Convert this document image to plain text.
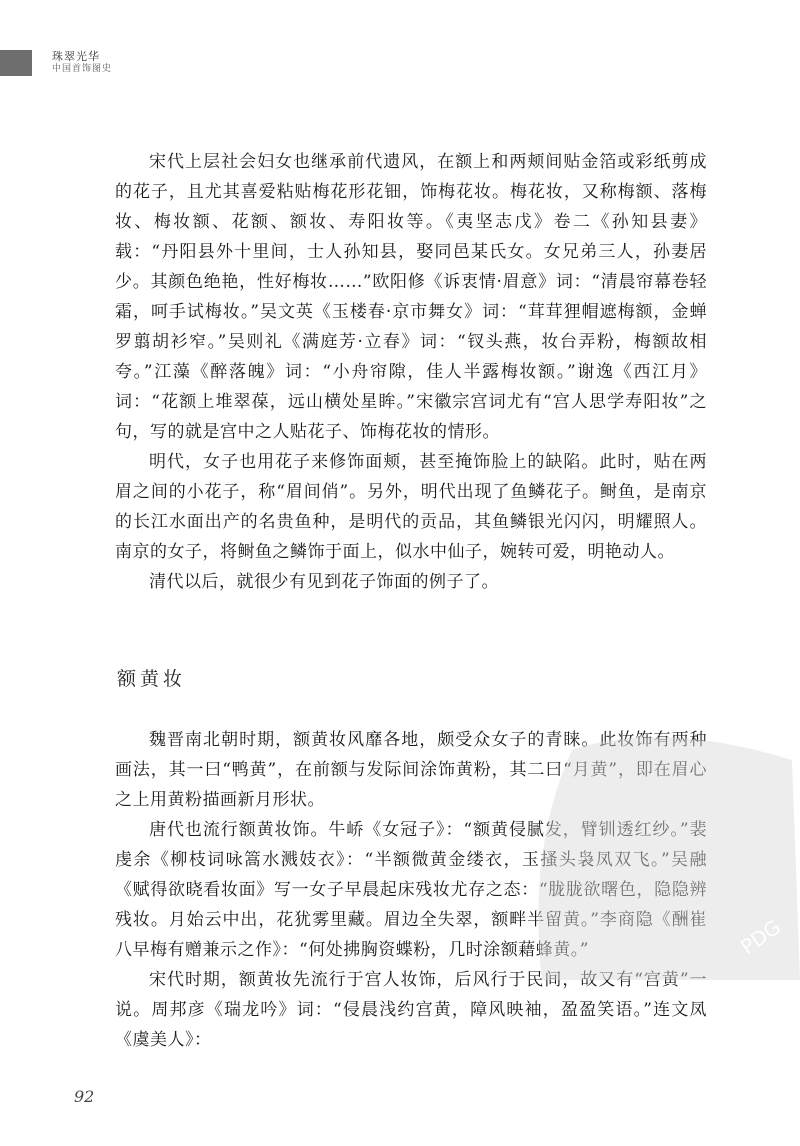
珠翠光华
中国首饰图史

宋代上层社会妇女也继承前代遗风，在额上和两颊间贴金箔或彩纸剪成的花子，且尤其喜爱粘贴梅花形花钿，饰梅花妆。梅花妆，又称梅额、落梅妆、梅妆额、花额、额妆、寿阳妆等。《夷坚志戊》卷二《孙知县妻》载：“丹阳县外十里间，士人孙知县，娶同邑某氏女。女兄弟三人，孙妻居少。其颜色绝艳，性好梅妆……”欧阳修《诉衷情·眉意》词：“清晨帘幕卷轻霜，呵手试梅妆。”吴文英《玉楼春·京市舞女》词：“茸茸狸帽遮梅额，金蝉罗翦胡衫窄。”吴则礼《满庭芳·立春》词：“钗头燕，妆台弄粉，梅额故相夸。”江藻《醉落魄》词：“小舟帘隙，佳人半露梅妆额。”谢逸《西江月》词：“花额上堆翠葆，远山横处星眸。”宋徽宗宫词尤有“宫人思学寿阳妆”之句，写的就是宫中之人贴花子、饰梅花妆的情形。

明代，女子也用花子来修饰面颊，甚至掩饰脸上的缺陷。此时，贴在两眉之间的小花子，称“眉间俏”。另外，明代出现了鱼鳞花子。鲥鱼，是南京的长江水面出产的名贵鱼种，是明代的贡品，其鱼鳞银光闪闪，明耀照人。南京的女子，将鲥鱼之鳞饰于面上，似水中仙子，婉转可爱，明艳动人。

清代以后，就很少有见到花子饰面的例子了。

额黄妆

魏晋南北朝时期，额黄妆风靡各地，颇受众女子的青睐。此妆饰有两种画法，其一曰“鸭黄”，在前额与发际间涂饰黄粉，其二曰“月黄”，即在眉心之上用黄粉描画新月形状。

唐代也流行额黄妆饰。牛峤《女冠子》：“额黄侵腻发，臂钏透红纱。”裴虔余《柳枝词咏篙水溅妓衣》：“半额微黄金缕衣，玉搔头袅凤双飞。”吴融《赋得欲晓看妆面》写一女子早晨起床残妆尤存之态：“胧胧欲曙色，隐隐辨残妆。月始云中出，花犹雾里藏。眉边全失翠，额畔半留黄。”李商隐《酬崔八早梅有赠兼示之作》：“何处拂胸资蝶粉，几时涂额藉蜂黄。”

宋代时期，额黄妆先流行于宫人妆饰，后风行于民间，故又有“宫黄”一说。周邦彦《瑞龙吟》词：“侵晨浅约宫黄，障风映袖，盈盈笑语。”连文凤《虞美人》：

PDG
92
